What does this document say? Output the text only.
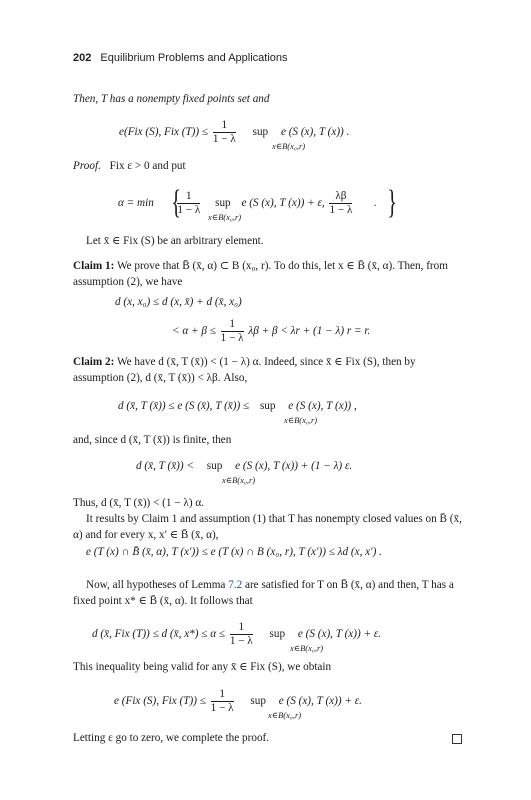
202 Equilibrium Problems and Applications
Then, T has a nonempty fixed points set and
e(Fix (S), Fix $(T)) \le \frac{1}{1 - \lambda}$ sup e (S (x), T (x)) .
x∈B(x₀,r)
Proof. Fix ε > 0 and put
$\alpha = \min \frac{1}{1 - \lambda}$ sup e (S (x), T (x)) + ε, $\frac{\lambda\beta}{1 - \lambda}$ .
{	}
x∈B(x₀,r)
Let x̄ ∈ Fix (S) be an arbitrary element.
Claim 1: We prove that B̄ (x̄, α) ⊂ B (x₀, r). To do this, let x ∈ B̄ (x̄, α). Then, from assumption (2), we have
d (x, x₀) ≤ d (x, x̄) + d (x̄, x₀)
< $\alpha + \beta \le \frac{1}{1 - \lambda}$ λβ + β < λr + (1 − λ) r = r.
Claim 2: We have d (x̄, T (x̄)) < (1 − λ) α. Indeed, since x̄ ∈ Fix (S), then by assumption (2), d (x̄, T (x̄)) < λβ. Also,
d (x̄, T (x̄)) ≤ e (S (x̄), T (x̄)) ≤ sup e (S (x), T (x)) ,
x∈B(x₀,r)
and, since d (x̄, T (x̄)) is finite, then
d (x̄, T (x̄)) < sup e (S (x), T (x)) + (1 − λ) ε.
x∈B(x₀,r)
Thus, d (x̄, T (x̄)) < (1 − λ) α.
It results by Claim 1 and assumption (1) that T has nonempty closed values on B̄ (x̄, α) and for every x, x′ ∈ B̄ (x̄, α),
e (T (x) ∩ B̄ (x̄, α), T (x′)) ≤ e (T (x) ∩ B (x₀, r), T (x′)) ≤ λd (x, x′) .
Now, all hypotheses of Lemma 7.2 are satisfied for T on B̄ (x̄, α) and then, T has a fixed point x* ∈ B̄ (x̄, α). It follows that
d (x̄, Fix (T)) ≤ d (x̄, $x*) \le \alpha \le \frac{1}{1 - \lambda}$ sup e (S (x), T (x)) + ε.
x∈B(x₀,r)
This inequality being valid for any x̄ ∈ Fix (S), we obtain
e (Fix (S), Fix $(T)) \le \frac{1}{1 - \lambda}$ sup e (S (x), T (x)) + ε.
x∈B(x₀,r)
Letting ε go to zero, we complete the proof.
